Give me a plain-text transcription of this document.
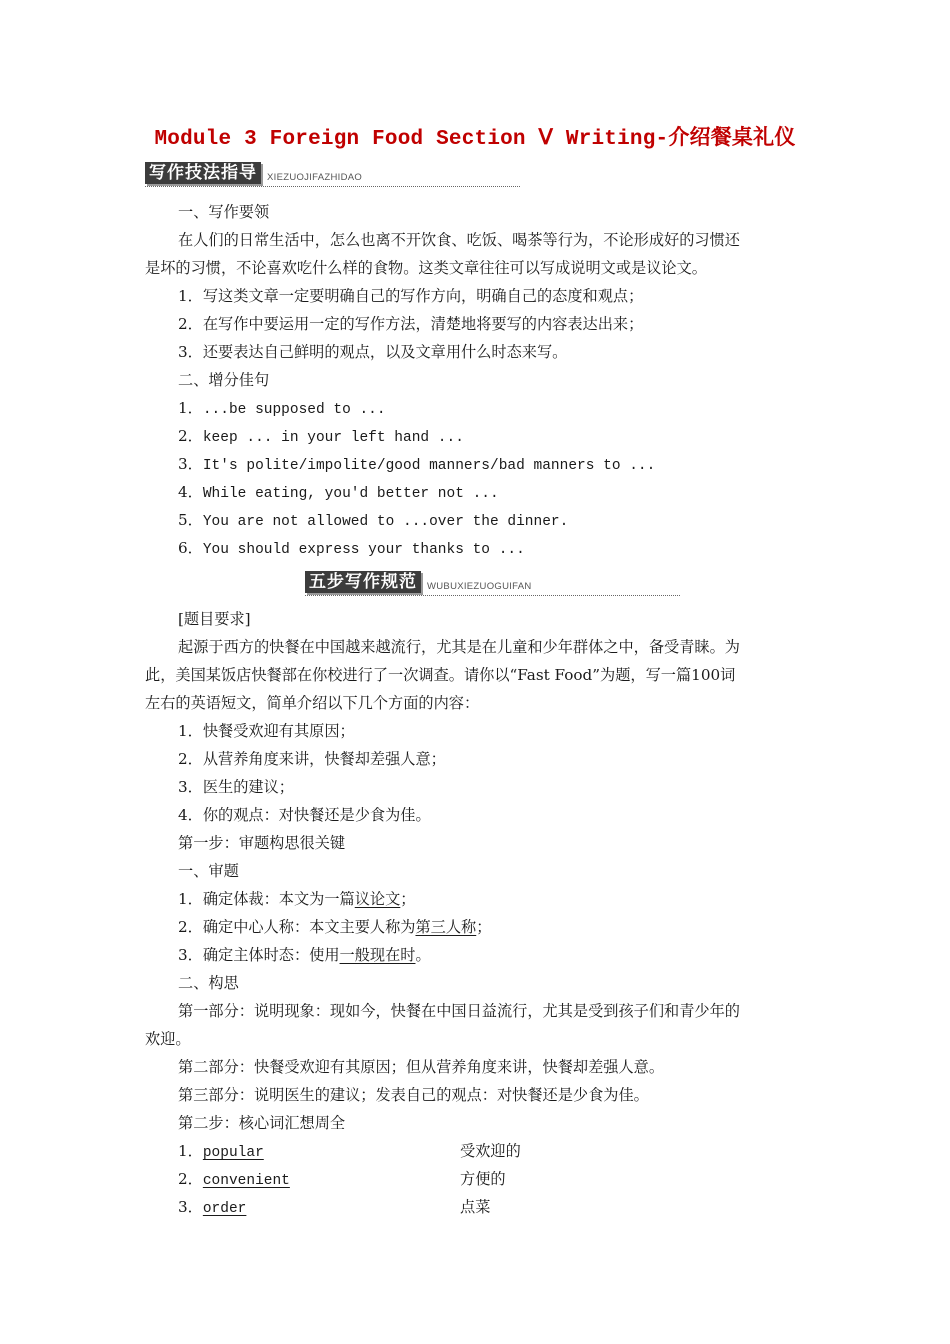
Module 3 Foreign Food Section Ⅴ Writing-介绍餐桌礼仪
写作技法指导	XIEZUOJIFAZHIDAO
一、写作要领
在人们的日常生活中，怎么也离不开饮食、吃饭、喝茶等行为，不论形成好的习惯还
是坏的习惯，不论喜欢吃什么样的食物。这类文章往往可以写成说明文或是议论文。
1．写这类文章一定要明确自己的写作方向，明确自己的态度和观点；
2．在写作中要运用一定的写作方法，清楚地将要写的内容表达出来；
3．还要表达自己鲜明的观点，以及文章用什么时态来写。
二、增分佳句
1．...be supposed to ...
2．keep ... in your left hand ...
3．It's polite/impolite/good manners/bad manners to ...
4．While eating, you'd better not ...
5．You are not allowed to ...over the dinner.
6．You should express your thanks to ...
五步写作规范	WUBUXIEZUOGUIFAN
[题目要求]
起源于西方的快餐在中国越来越流行，尤其是在儿童和少年群体之中，备受青睐。为
此，美国某饭店快餐部在你校进行了一次调查。请你以“Fast Food”为题，写一篇100词
左右的英语短文，简单介绍以下几个方面的内容：
1．快餐受欢迎有其原因；
2．从营养角度来讲，快餐却差强人意；
3．医生的建议；
4．你的观点：对快餐还是少食为佳。
第一步：审题构思很关键
一、审题
1．确定体裁：本文为一篇议论文；
2．确定中心人称：本文主要人称为第三人称；
3．确定主体时态：使用一般现在时。
二、构思
第一部分：说明现象：现如今，快餐在中国日益流行，尤其是受到孩子们和青少年的
欢迎。
第二部分：快餐受欢迎有其原因；但从营养角度来讲，快餐却差强人意。
第三部分：说明医生的建议；发表自己的观点：对快餐还是少食为佳。
第二步：核心词汇想周全
1．popular	受欢迎的
2．convenient	方便的
3．order	点菜
